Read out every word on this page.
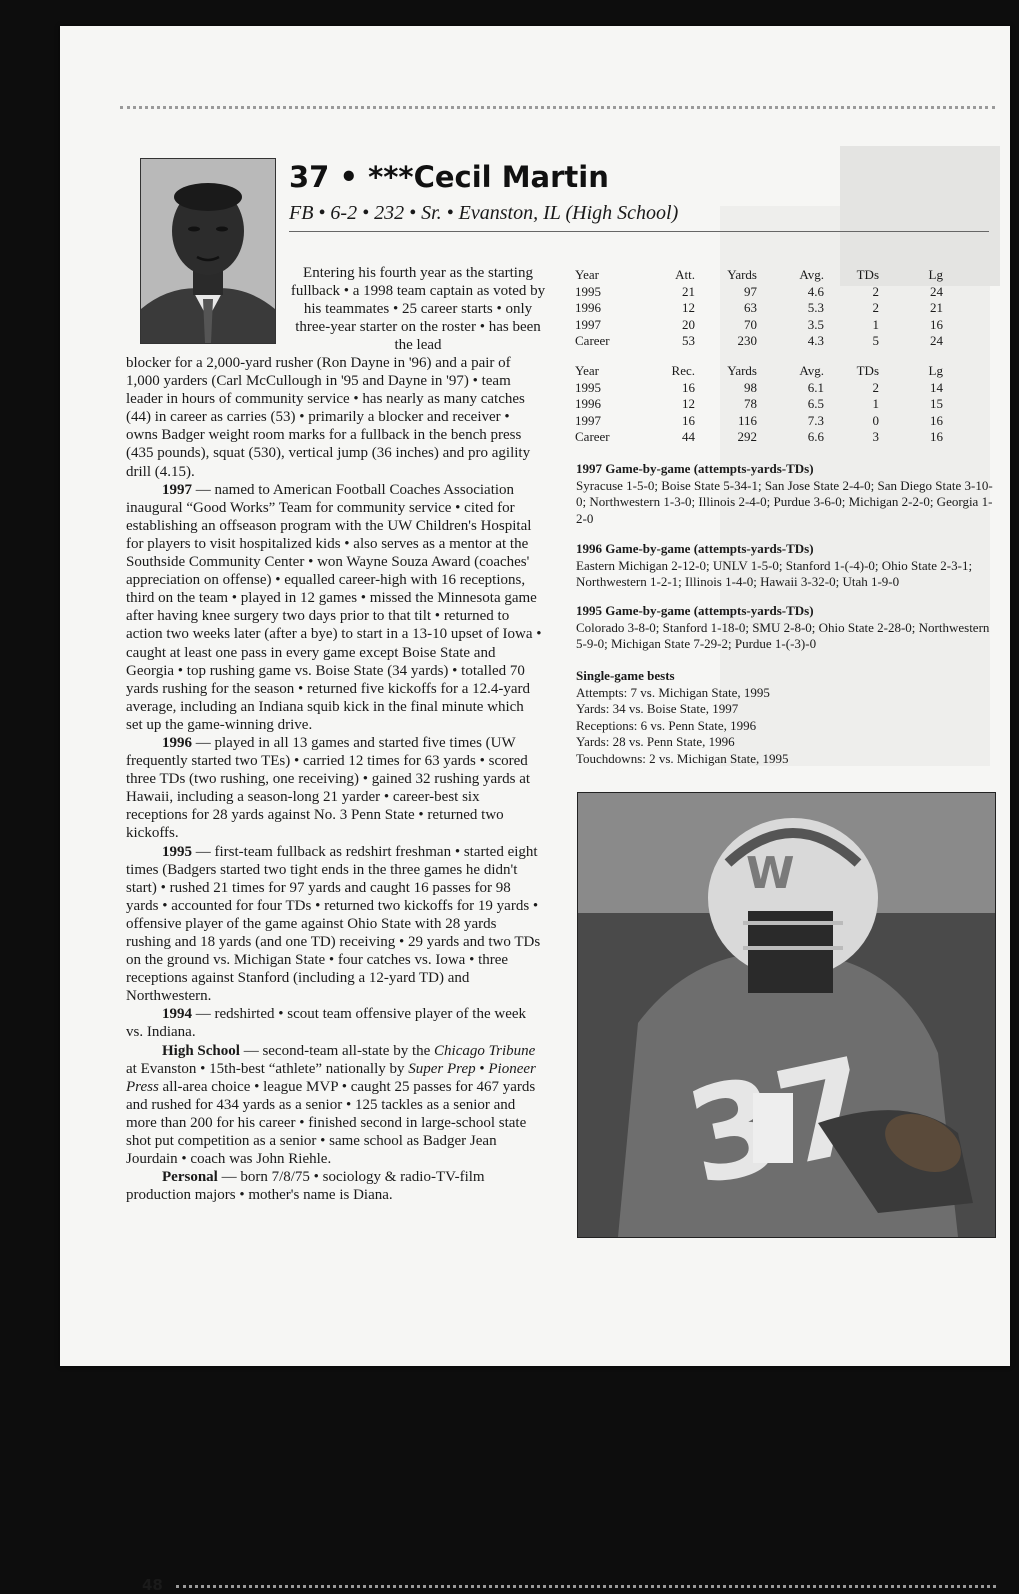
37 • ***Cecil Martin
FB • 6-2 • 232 • Sr. • Evanston, IL (High School)
Entering his fourth year as the starting fullback • a 1998 team captain as voted by his teammates • 25 career starts • only three-year starter on the roster • has been the lead

blocker for a 2,000-yard rusher (Ron Dayne in '96) and a pair of 1,000 yarders (Carl McCullough in '95 and Dayne in '97) • team leader in hours of community service • has nearly as many catches (44) in career as carries (53) • primarily a blocker and receiver • owns Badger weight room marks for a fullback in the bench press (435 pounds), squat (530), vertical jump (36 inches) and pro agility drill (4.15).

1997 — named to American Football Coaches Association inaugural “Good Works” Team for community service • cited for establishing an offseason program with the UW Children's Hospital for players to visit hospitalized kids • also serves as a mentor at the Southside Community Center • won Wayne Souza Award (coaches' appreciation on offense) • equalled career-high with 16 receptions, third on the team • played in 12 games • missed the Minnesota game after having knee surgery two days prior to that tilt • returned to action two weeks later (after a bye) to start in a 13-10 upset of Iowa • caught at least one pass in every game except Boise State and Georgia • top rushing game vs. Boise State (34 yards) • totalled 70 yards rushing for the season • returned five kickoffs for a 12.4-yard average, including an Indiana squib kick in the final minute which set up the game-winning drive.

1996 — played in all 13 games and started five times (UW frequently started two TEs) • carried 12 times for 63 yards • scored three TDs (two rushing, one receiving) • gained 32 rushing yards at Hawaii, including a season-long 21 yarder • career-best six receptions for 28 yards against No. 3 Penn State • returned two kickoffs.

1995 — first-team fullback as redshirt freshman • started eight times (Badgers started two tight ends in the three games he didn't start) • rushed 21 times for 97 yards and caught 16 passes for 98 yards • accounted for four TDs • returned two kickoffs for 19 yards • offensive player of the game against Ohio State with 28 yards rushing and 18 yards (and one TD) receiving • 29 yards and two TDs on the ground vs. Michigan State • four catches vs. Iowa • three receptions against Stanford (including a 12-yard TD) and Northwestern.

1994 — redshirted • scout team offensive player of the week vs. Indiana.

High School — second-team all-state by the Chicago Tribune at Evanston • 15th-best “athlete” nationally by Super Prep • Pioneer Press all-area choice • league MVP • caught 25 passes for 467 yards and rushed for 434 yards as a senior • 125 tackles as a senior and more than 200 for his career • finished second in large-school state shot put competition as a senior • same school as Badger Jean Jourdain • coach was John Riehle.

Personal — born 7/8/75 • sociology & radio-TV-film production majors • mother's name is Diana.

Year	Att.	Yards	Avg.	TDs	Lg
1995	21	97	4.6	2	24
1996	12	63	5.3	2	21
1997	20	70	3.5	1	16
Career	53	230	4.3	5	24
Year	Rec.	Yards	Avg.	TDs	Lg
1995	16	98	6.1	2	14
1996	12	78	6.5	1	15
1997	16	116	7.3	0	16
Career	44	292	6.6	3	16
1997 Game-by-game (attempts-yards-TDs)
Syracuse 1-5-0; Boise State 5-34-1; San Jose State 2-4-0; San Diego State 3-10-0; Northwestern 1-3-0; Illinois 2-4-0; Purdue 3-6-0; Michigan 2-2-0; Georgia 1-2-0
1996 Game-by-game (attempts-yards-TDs)
Eastern Michigan 2-12-0; UNLV 1-5-0; Stanford 1-(-4)-0; Ohio State 2-3-1; Northwestern 1-2-1; Illinois 1-4-0; Hawaii 3-32-0; Utah 1-9-0
1995 Game-by-game (attempts-yards-TDs)
Colorado 3-8-0; Stanford 1-18-0; SMU 2-8-0; Ohio State 2-28-0; Northwestern 5-9-0; Michigan State 7-29-2; Purdue 1-(-3)-0
Single-game bests
Attempts: 7 vs. Michigan State, 1995
Yards: 34 vs. Boise State, 1997
Receptions: 6 vs. Penn State, 1996
Yards: 28 vs. Penn State, 1996
Touchdowns: 2 vs. Michigan State, 1995
W
48
